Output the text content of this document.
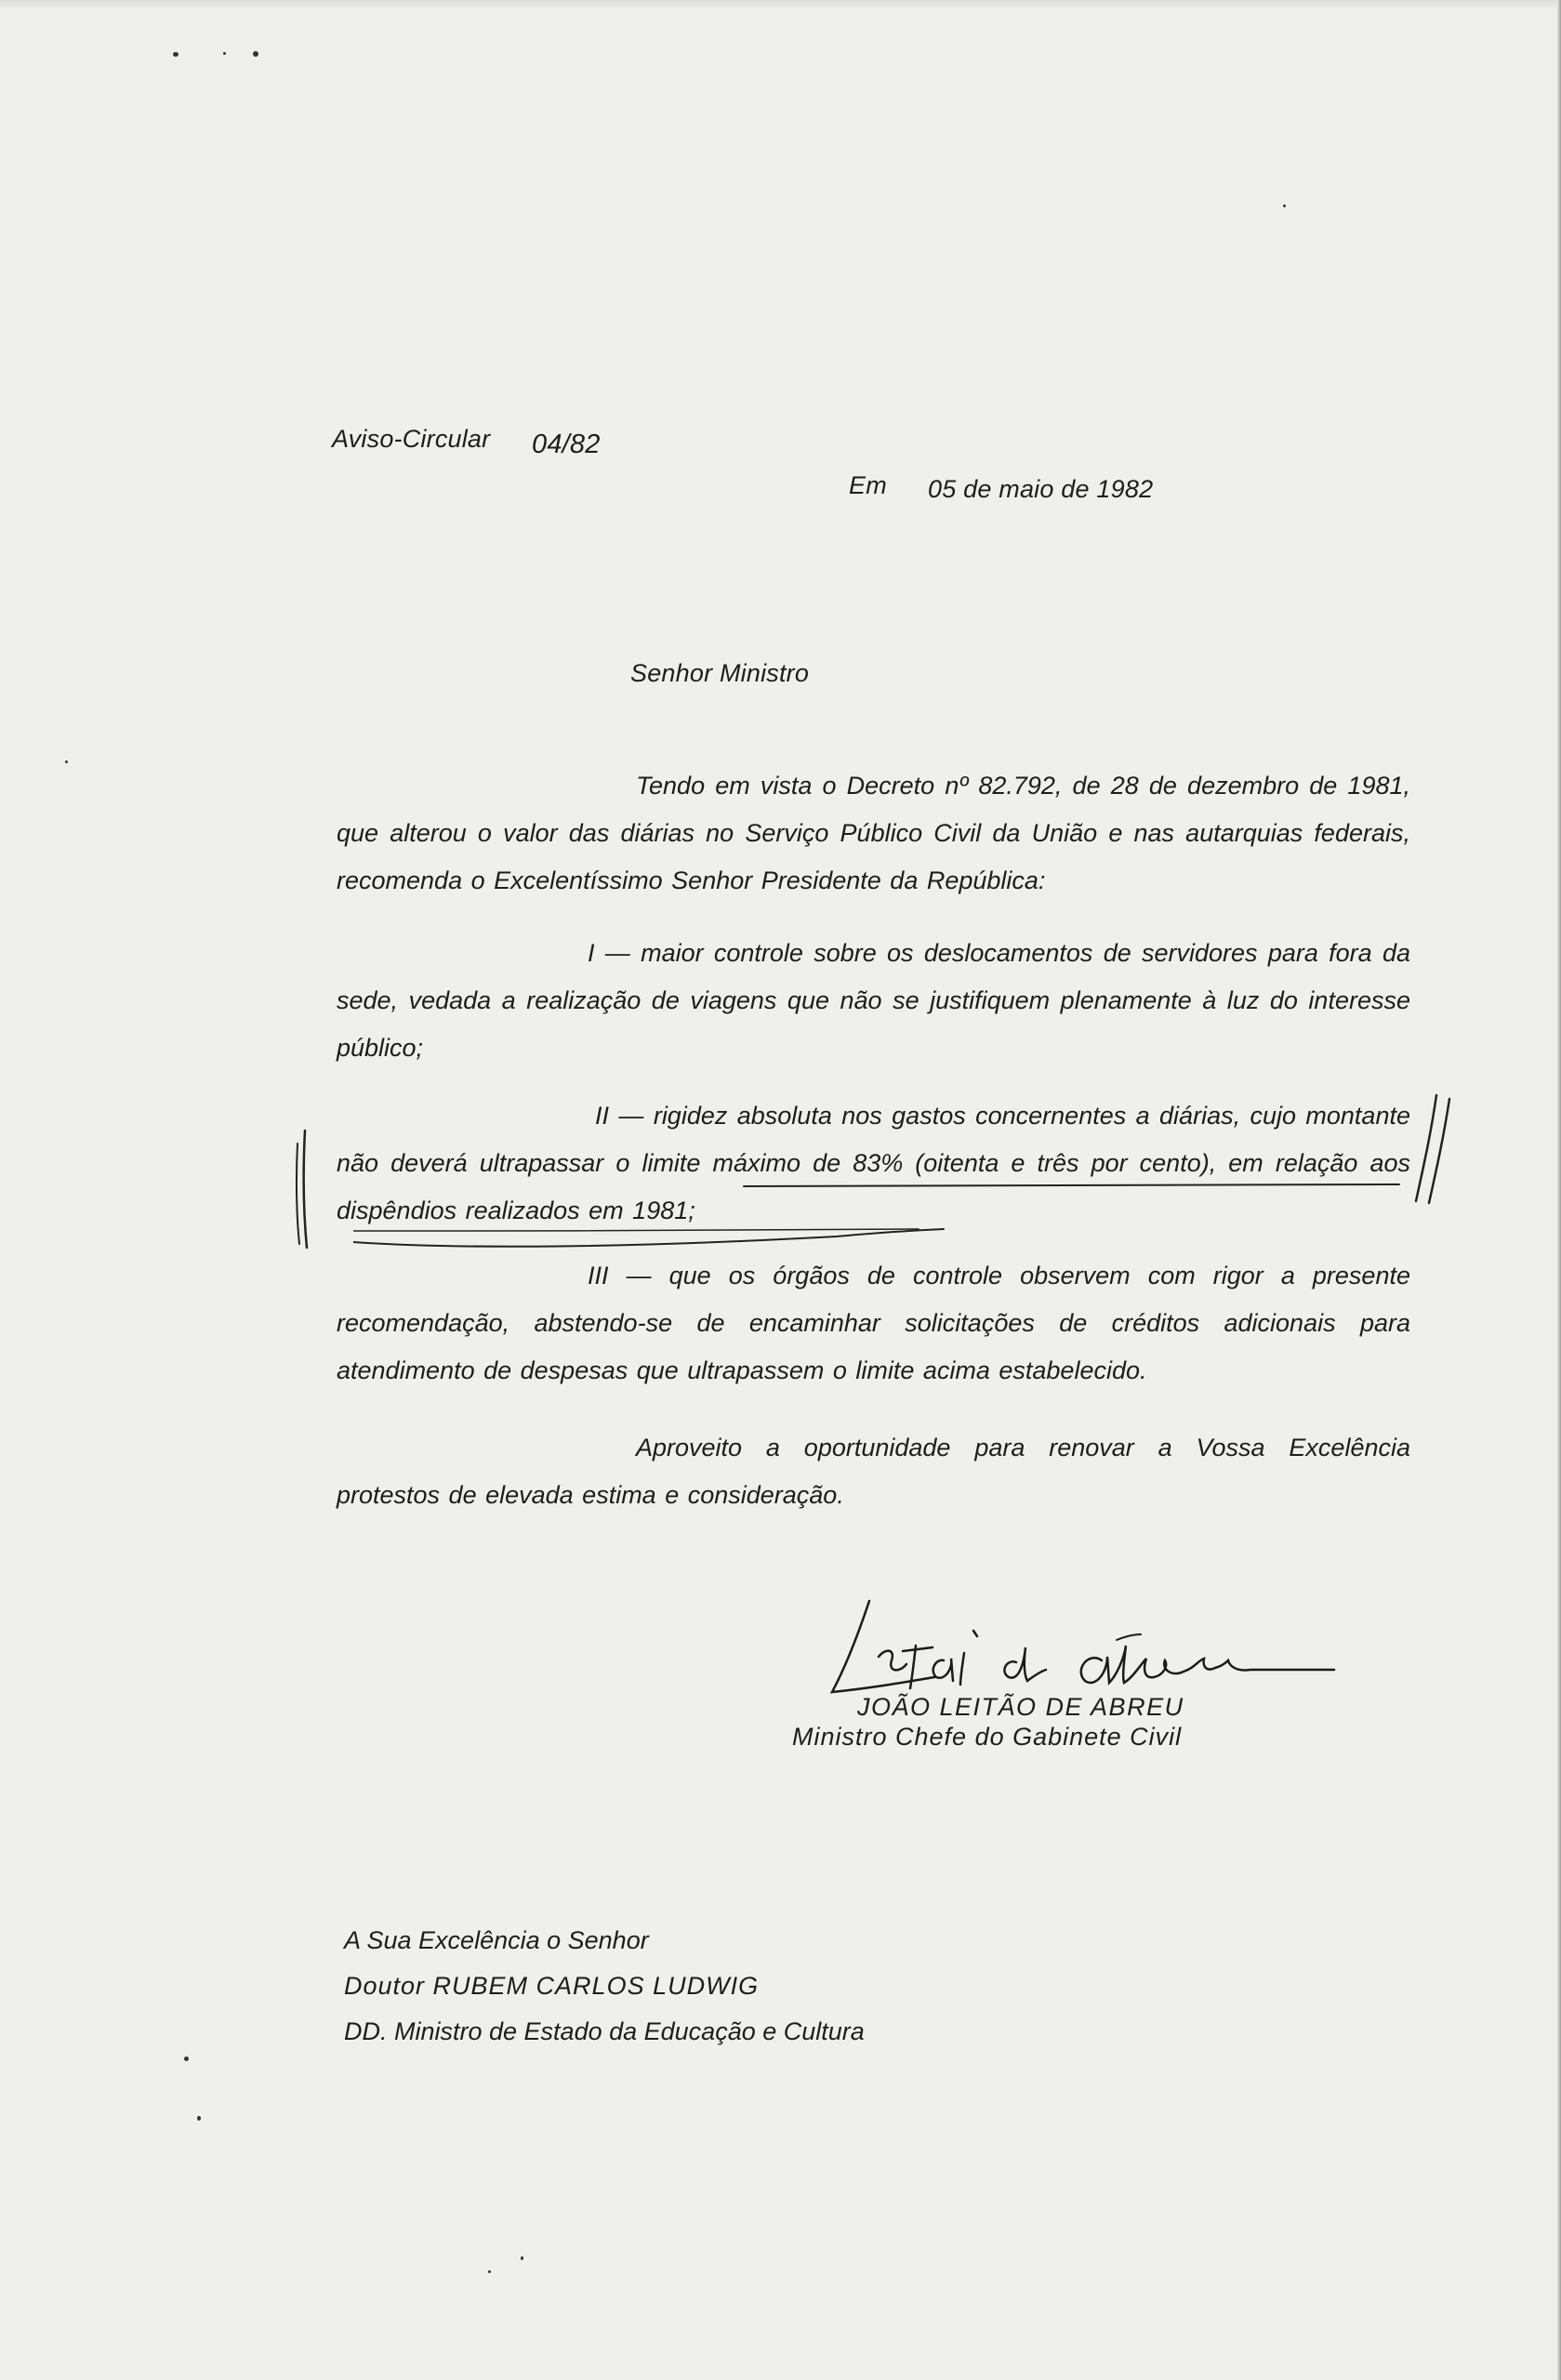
Aviso-Circular 04/82
Em 05 de maio de 1982
Senhor Ministro

Tendo em vista o Decreto nº 82.792, de 28 de dezembro de 1981, que alterou o valor das diárias no Serviço Público Civil da União e nas autarquias federais, recomenda o Excelentíssimo Senhor Presidente da República:

I — maior controle sobre os deslocamentos de servidores para fora da sede, vedada a realização de viagens que não se justifiquem plenamente à luz do interesse público;

II — rigidez absoluta nos gastos concernentes a diárias, cujo montante não deverá ultrapassar o limite máximo de 83% (oitenta e três por cento), em relação aos dispêndios realizados em 1981;

III — que os órgãos de controle observem com rigor a presente recomendação, abstendo-se de encaminhar solicitações de créditos adicionais para atendimento de despesas que ultrapassem o limite acima estabelecido.

Aproveito a oportunidade para renovar a Vossa Excelência protestos de elevada estima e consideração.

JOÃO LEITÃO DE ABREU
Ministro Chefe do Gabinete Civil
A Sua Excelência o Senhor
Doutor RUBEM CARLOS LUDWIG
DD. Ministro de Estado da Educação e Cultura
